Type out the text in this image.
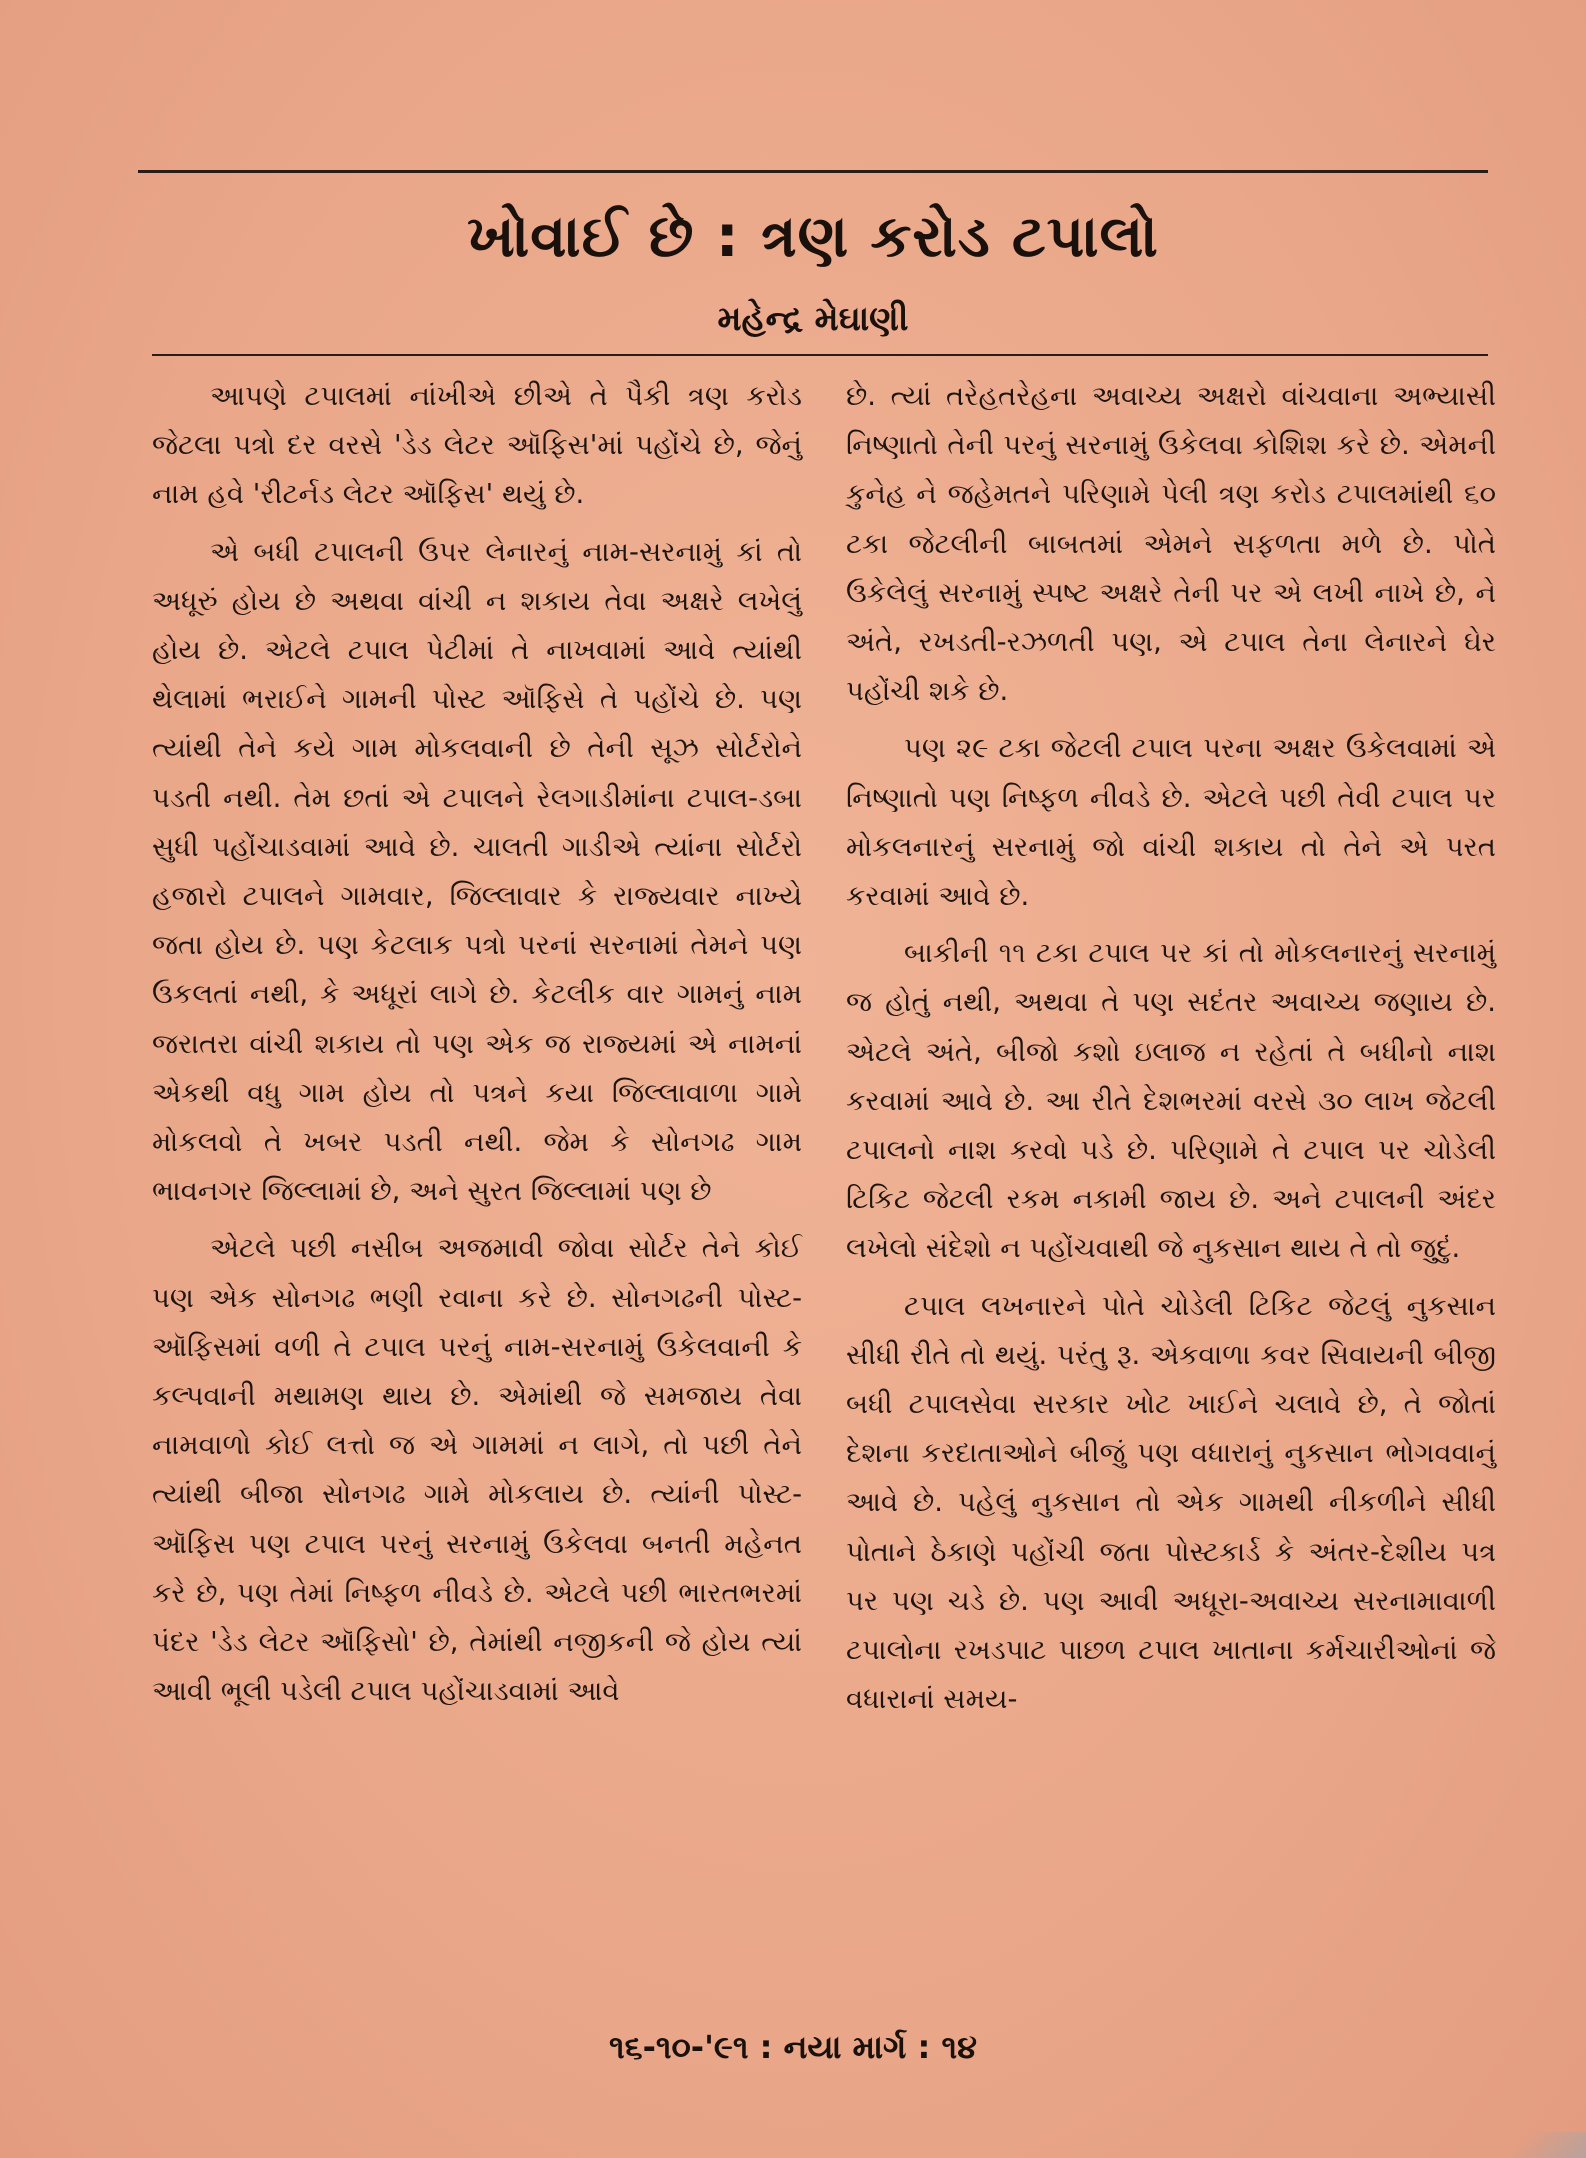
ખોવાઈ છે : ત્રણ કરોડ ટપાલો
મહેન્દ્ર મેઘાણી

આપણે ટપાલમાં નાંખીએ છીએ તે પૈકી ત્રણ કરોડ જેટલા પત્રો દર વરસે 'ડેડ લેટર ઑફિસ'માં પહોંચે છે, જેનું નામ હવે 'રીટર્નડ લેટર ઑફિસ' થયું છે.

એ બધી ટપાલની ઉપર લેનારનું નામ-સરનામું કાં તો અધૂરું હોય છે અથવા વાંચી ન શકાય તેવા અક્ષરે લખેલું હોય છે. એટલે ટપાલ પેટીમાં તે નાખવામાં આવે ત્યાંથી થેલામાં ભરાઈને ગામની પોસ્ટ ઑફિસે તે પહોંચે છે. પણ ત્યાંથી તેને કયે ગામ મોકલવાની છે તેની સૂઝ સોર્ટરોને પડતી નથી. તેમ છતાં એ ટપાલને રેલગાડીમાંના ટપાલ-ડબા સુધી પહોંચાડવામાં આવે છે. ચાલતી ગાડીએ ત્યાંના સોર્ટરો હજારો ટપાલને ગામવાર, જિલ્લાવાર કે રાજ્યવાર નાખ્યે જતા હોય છે. પણ કેટલાક પત્રો પરનાં સરનામાં તેમને પણ ઉકલતાં નથી, કે અધૂરાં લાગે છે. કેટલીક વાર ગામનું નામ જરાતરા વાંચી શકાય તો પણ એક જ રાજ્યમાં એ નામનાં એકથી વધુ ગામ હોય તો પત્રને કયા જિલ્લાવાળા ગામે મોકલવો તે ખબર પડતી નથી. જેમ કે સોનગઢ ગામ ભાવનગર જિલ્લામાં છે, અને સુરત જિલ્લામાં પણ છે

એટલે પછી નસીબ અજમાવી જોવા સોર્ટર તેને કોઈ પણ એક સોનગઢ ભણી રવાના કરે છે. સોનગઢની પોસ્ટ-ઑફિસમાં વળી તે ટપાલ પરનું નામ-સરનામું ઉકેલવાની કે કલ્પવાની મથામણ થાય છે. એમાંથી જે સમજાય તેવા નામવાળો કોઈ લત્તો જ એ ગામમાં ન લાગે, તો પછી તેને ત્યાંથી બીજા સોનગઢ ગામે મોકલાય છે. ત્યાંની પોસ્ટ-ઑફિસ પણ ટપાલ પરનું સરનામું ઉકેલવા બનતી મહેનત કરે છે, પણ તેમાં નિષ્ફળ નીવડે છે. એટલે પછી ભારતભરમાં પંદર 'ડેડ લેટર ઑફિસો' છે, તેમાંથી નજીકની જે હોય ત્યાં આવી ભૂલી પડેલી ટપાલ પહોંચાડવામાં આવે

છે. ત્યાં તરેહતરેહના અવાચ્ય અક્ષરો વાંચવાના અભ્યાસી નિષ્ણાતો તેની પરનું સરનામું ઉકેલવા કોશિશ કરે છે. એમની કુનેહ ને જહેમતને પરિણામે પેલી ત્રણ કરોડ ટપાલમાંથી ૬૦ ટકા જેટલીની બાબતમાં એમને સફળતા મળે છે. પોતે ઉકેલેલું સરનામું સ્પષ્ટ અક્ષરે તેની પર એ લખી નાખે છે, ને અંતે, રખડતી-રઝળતી પણ, એ ટપાલ તેના લેનારને ઘેર પહોંચી શકે છે.

પણ ૨૯ ટકા જેટલી ટપાલ પરના અક્ષર ઉકેલવામાં એ નિષ્ણાતો પણ નિષ્ફળ નીવડે છે. એટલે પછી તેવી ટપાલ પર મોકલનારનું સરનામું જો વાંચી શકાય તો તેને એ પરત કરવામાં આવે છે.

બાકીની ૧૧ ટકા ટપાલ પર કાં તો મોકલનારનું સરનામું જ હોતું નથી, અથવા તે પણ સદંતર અવાચ્ય જણાય છે. એટલે અંતે, બીજો કશો ઇલાજ ન રહેતાં તે બધીનો નાશ કરવામાં આવે છે. આ રીતે દેશભરમાં વરસે ૩૦ લાખ જેટલી ટપાલનો નાશ કરવો પડે છે. પરિણામે તે ટપાલ પર ચોડેલી ટિકિટ જેટલી રકમ નકામી જાય છે. અને ટપાલની અંદર લખેલો સંદેશો ન પહોંચવાથી જે નુકસાન થાય તે તો જુદું.

ટપાલ લખનારને પોતે ચોડેલી ટિકિટ જેટલું નુકસાન સીધી રીતે તો થયું. પરંતુ રૂ. એકવાળા કવર સિવાયની બીજી બધી ટપાલસેવા સરકાર ખોટ ખાઈને ચલાવે છે, તે જોતાં દેશના કરદાતાઓને બીજું પણ વધારાનું નુકસાન ભોગવવાનું આવે છે. પહેલું નુકસાન તો એક ગામથી નીકળીને સીધી પોતાને ઠેકાણે પહોંચી જતા પોસ્ટકાર્ડ કે અંતર-દેશીય પત્ર પર પણ ચડે છે. પણ આવી અધૂરા-અવાચ્ય સરનામાવાળી ટપાલોના રખડપાટ પાછળ ટપાલ ખાતાના કર્મચારીઓનાં જે વધારાનાં સમય-

૧૬-૧૦-'૯૧ : નયા માર્ગ : ૧૪
